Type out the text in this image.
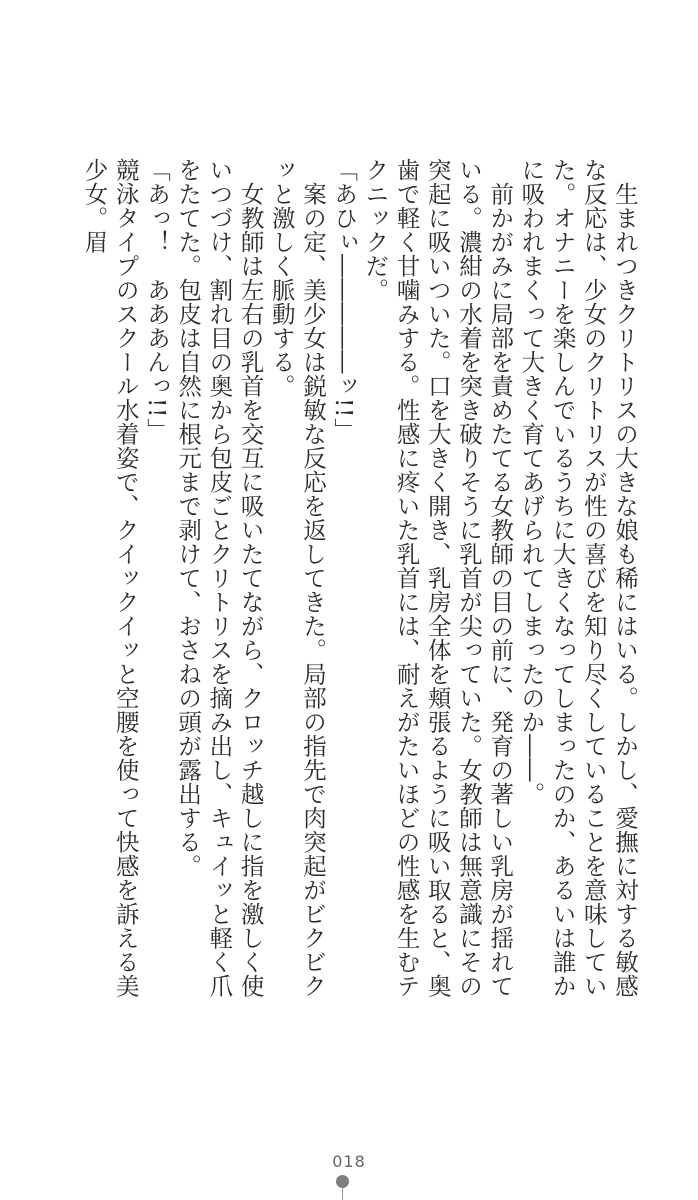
生まれつきクリトリスの大きな娘も稀にはいる。しかし、愛撫に対する敏感な反応は、少女のクリトリスが性の喜びを知り尽くしていることを意味していた。オナニーを楽しんでいるうちに大きくなってしまったのか、あるいは誰かに吸われまくって大きく育てあげられてしまったのか――。

前かがみに局部を責めたてる女教師の目の前に、発育の著しい乳房が揺れている。濃紺の水着を突き破りそうに乳首が尖っていた。女教師は無意識にその突起に吸いついた。口を大きく開き、乳房全体を頬張るように吸い取ると、奥歯で軽く甘噛みする。性感に疼いた乳首には、耐えがたいほどの性感を生むテクニックだ。

「あひぃ―――――ッ!!」

案の定、美少女は鋭敏な反応を返してきた。局部の指先で肉突起がビクビクッと激しく脈動する。

女教師は左右の乳首を交互に吸いたてながら、クロッチ越しに指を激しく使いつづけ、割れ目の奥から包皮ごとクリトリスを摘み出し、キュイッと軽く爪をたてた。包皮は自然に根元まで剥けて、おさねの頭が露出する。

「あっ！　あああんっ!!」

競泳タイプのスクール水着姿で、クイックイッと空腰を使って快感を訴える美少女。眉

018
